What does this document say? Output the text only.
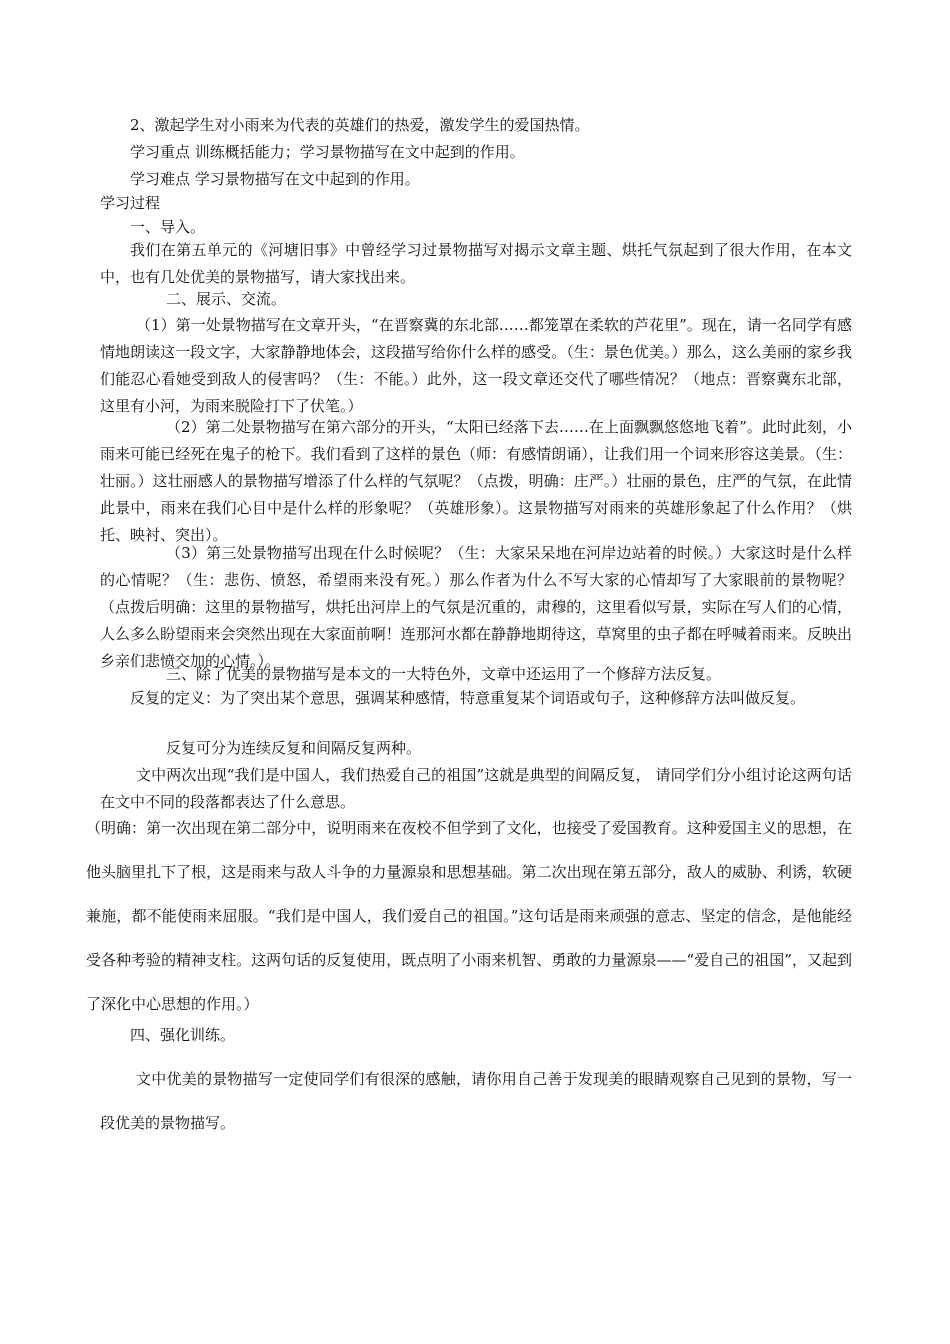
2、激起学生对小雨来为代表的英雄们的热爱，激发学生的爱国热情。

学习重点 训练概括能力；学习景物描写在文中起到的作用。

学习难点 学习景物描写在文中起到的作用。

学习过程

一、导入。

我们在第五单元的《河塘旧事》中曾经学习过景物描写对揭示文章主题、烘托气氛起到了很大作用，在本文中，也有几处优美的景物描写，请大家找出来。

二、展示、交流。

（1）第一处景物描写在文章开头，“在晋察冀的东北部……都笼罩在柔软的芦花里”。现在，请一名同学有感情地朗读这一段文字，大家静静地体会，这段描写给你什么样的感受。（生：景色优美。）那么，这么美丽的家乡我们能忍心看她受到敌人的侵害吗？（生：不能。）此外，这一段文章还交代了哪些情况？（地点：晋察冀东北部，这里有小河，为雨来脱险打下了伏笔。）

（2）第二处景物描写在第六部分的开头，“太阳已经落下去……在上面飘飘悠悠地飞着”。此时此刻，小雨来可能已经死在鬼子的枪下。我们看到了这样的景色（师：有感情朗诵），让我们用一个词来形容这美景。（生：壮丽。）这壮丽感人的景物描写增添了什么样的气氛呢？（点拨，明确：庄严。）壮丽的景色，庄严的气氛，在此情此景中，雨来在我们心目中是什么样的形象呢？（英雄形象）。这景物描写对雨来的英雄形象起了什么作用？（烘托、映衬、突出）。

（3）第三处景物描写出现在什么时候呢？（生：大家呆呆地在河岸边站着的时候。）大家这时是什么样的心情呢？（生：悲伤、愤怒，希望雨来没有死。）那么作者为什么不写大家的心情却写了大家眼前的景物呢？（点拨后明确：这里的景物描写，烘托出河岸上的气氛是沉重的，肃穆的，这里看似写景，实际在写人们的心情，人么多么盼望雨来会突然出现在大家面前啊！连那河水都在静静地期待这，草窝里的虫子都在呼喊着雨来。反映出乡亲们悲愤交加的心情。）。

三、除了优美的景物描写是本文的一大特色外，文章中还运用了一个修辞方法反复。

反复的定义：为了突出某个意思，强调某种感情，特意重复某个词语或句子，这种修辞方法叫做反复。

反复可分为连续反复和间隔反复两种。

文中两次出现“我们是中国人，我们热爱自己的祖国”这就是典型的间隔反复， 请同学们分小组讨论这两句话在文中不同的段落都表达了什么意思。

（明确：第一次出现在第二部分中，说明雨来在夜校不但学到了文化，也接受了爱国教育。这种爱国主义的思想，在他头脑里扎下了根，这是雨来与敌人斗争的力量源泉和思想基础。第二次出现在第五部分，敌人的威胁、利诱，软硬兼施，都不能使雨来屈服。“我们是中国人，我们爱自己的祖国。”这句话是雨来顽强的意志、坚定的信念，是他能经受各种考验的精神支柱。这两句话的反复使用，既点明了小雨来机智、勇敢的力量源泉——“爱自己的祖国”，又起到了深化中心思想的作用。）

四、强化训练。

文中优美的景物描写一定使同学们有很深的感触，请你用自己善于发现美的眼睛观察自己见到的景物，写一段优美的景物描写。
